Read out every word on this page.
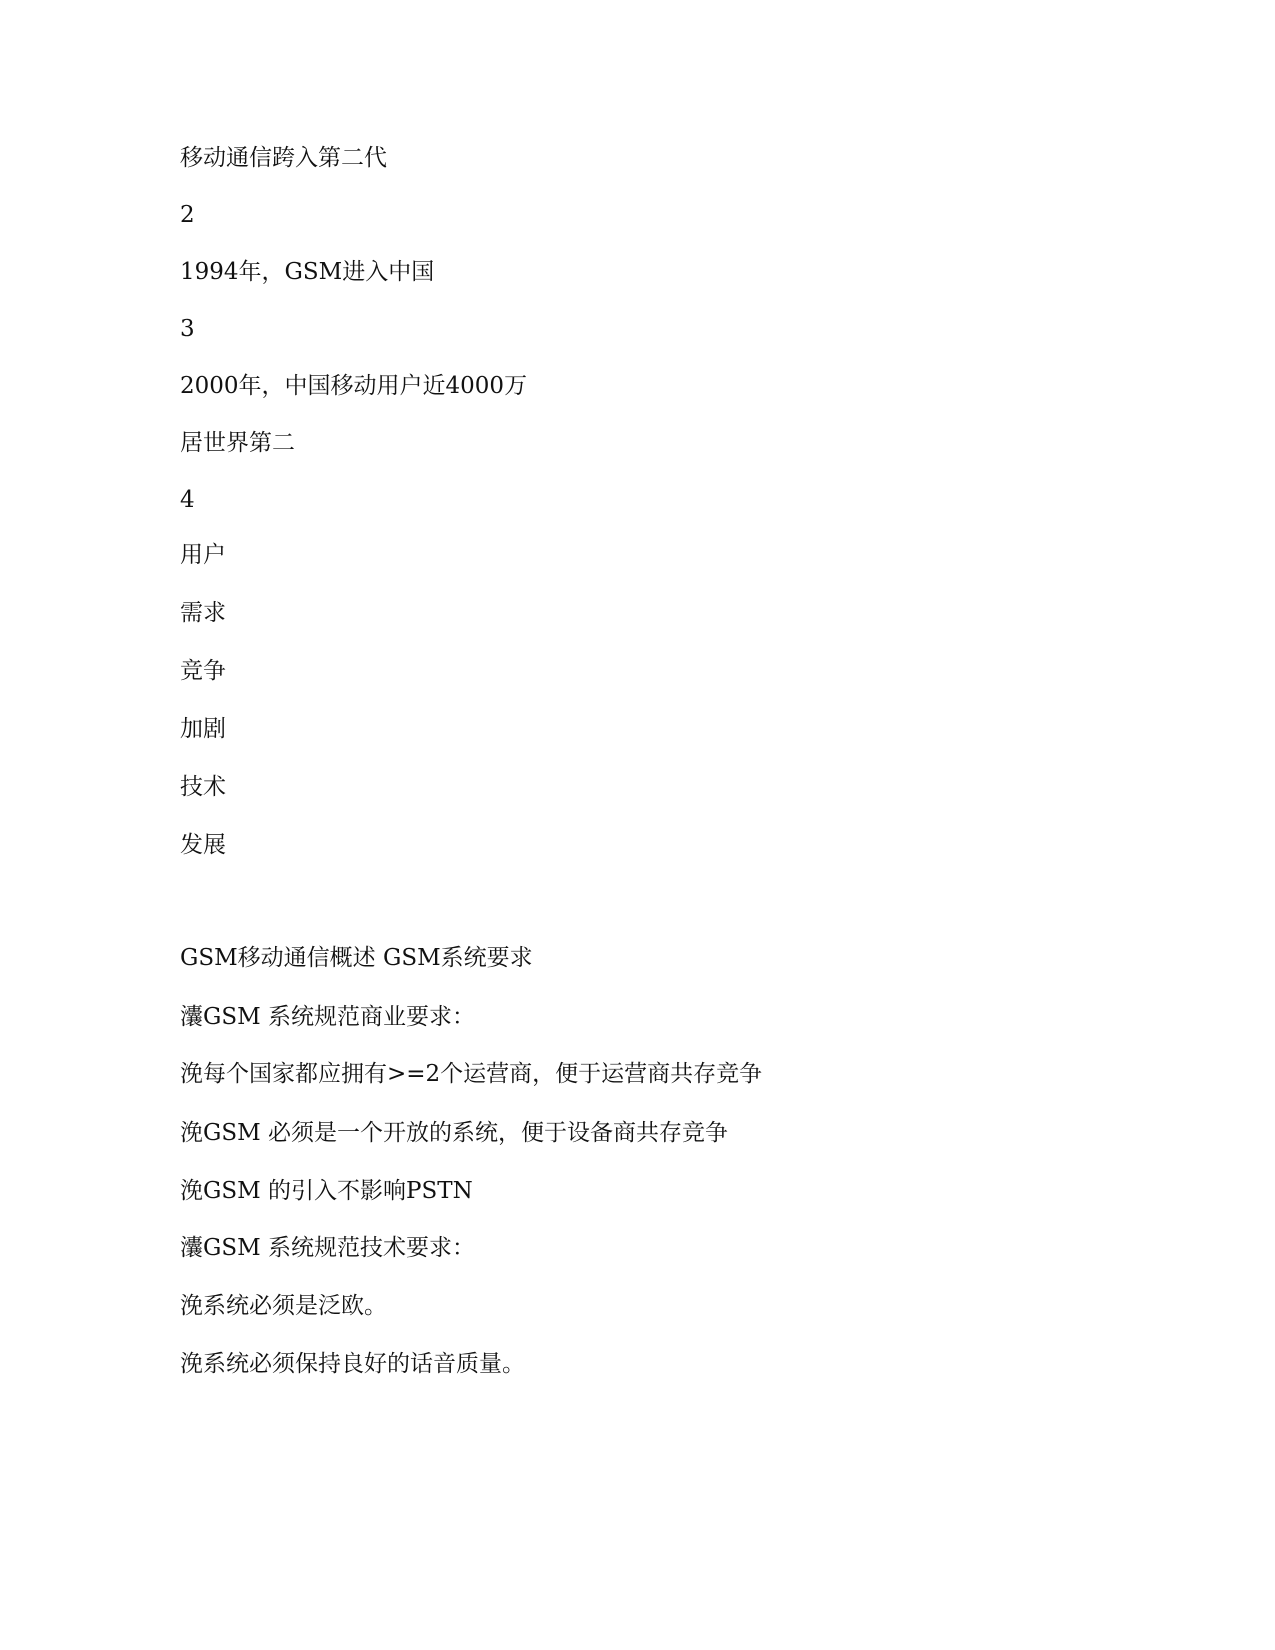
移动通信跨入第二代
2
1994年，GSM进入中国
3
2000年，中国移动用户近4000万
居世界第二
4
用户
需求
竞争
加剧
技术
发展
GSM移动通信概述 GSM系统要求
灢GSM 系统规范商业要求：
浼每个国家都应拥有>=2个运营商，便于运营商共存竞争
浼GSM 必须是一个开放的系统，便于设备商共存竞争
浼GSM 的引入不影响PSTN
灢GSM 系统规范技术要求：
浼系统必须是泛欧。
浼系统必须保持良好的话音质量。
